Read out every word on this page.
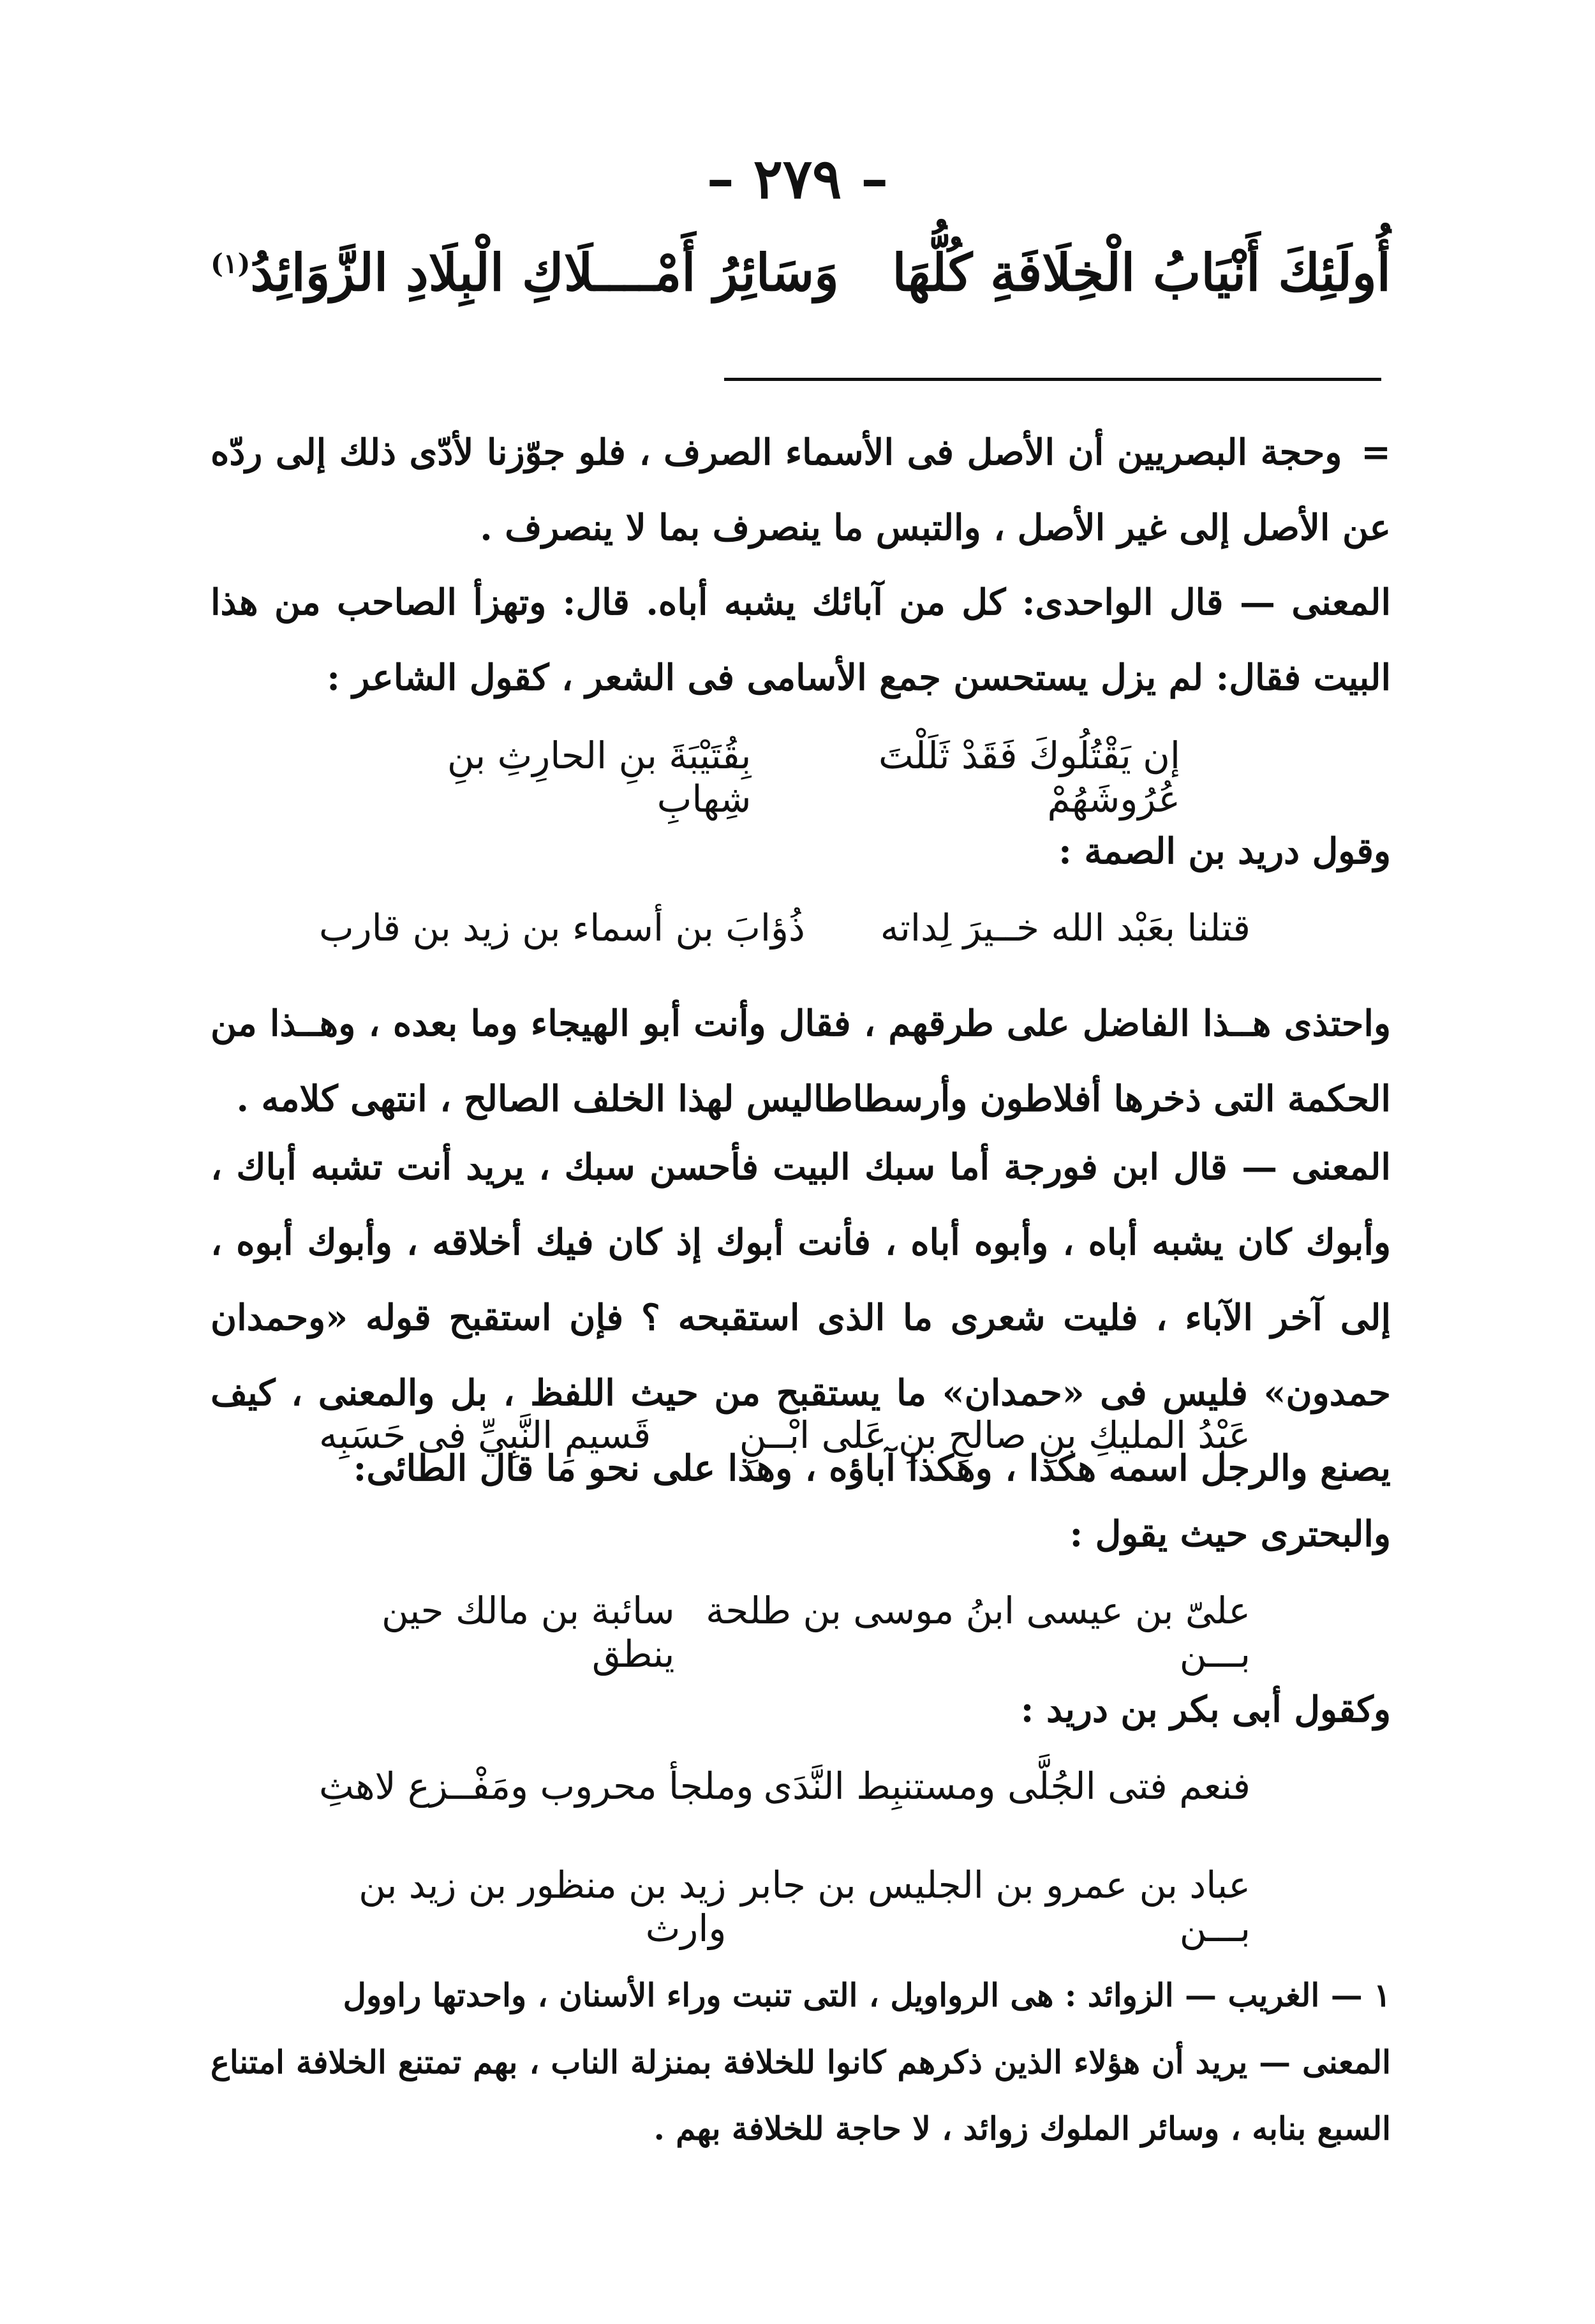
– ٢٧٩ –
أُولَئِكَ أَنْيَابُ الْخِلَافَةِ كُلُّهَا
وَسَائِرُ أَمْــــلَاكِ الْبِلَادِ الزَّوَائِدُ$^{(١)}$
= وحجة البصريين أن الأصل فى الأسماء الصرف ، فلو جوّزنا لأدّى ذلك إلى ردّه عن الأصل إلى غير الأصل ، والتبس ما ينصرف بما لا ينصرف .
المعنى — قال الواحدى: كل من آبائك يشبه أباه. قال: وتهزأ الصاحب من هذا البيت فقال: لم يزل يستحسن جمع الأسامى فى الشعر ، كقول الشاعر :
إن يَقْتُلُوكَ فَقَدْ ثَلَلْتَ عُرُوشَهُمْ
بِقُتَيْبَةَ بنِ الحارِثِ بنِ شِهابِ
وقول دريد بن الصمة :
قتلنا بعَبْد الله خــيرَ لِداته
ذُؤابَ بن أسماء بن زيد بن قارب
واحتذى هــذا الفاضل على طرقهم ، فقال وأنت أبو الهيجاء وما بعده ، وهــذا من الحكمة التى ذخرها أفلاطون وأرسطاطاليس لهذا الخلف الصالح ، انتهى كلامه .
المعنى — قال ابن فورجة أما سبك البيت فأحسن سبك ، يريد أنت تشبه أباك ، وأبوك كان يشبه أباه ، وأبوه أباه ، فأنت أبوك إذ كان فيك أخلاقه ، وأبوك أبوه ، إلى آخر الآباء ، فليت شعرى ما الذى استقبحه ؟ فإن استقبح قوله «وحمدان حمدون» فليس فى «حمدان» ما يستقبح من حيث اللفظ ، بل والمعنى ، كيف يصنع والرجل اسمه هكذا ، وهكذا آباؤه ، وهذا على نحو ما قال الطائى:
عَبْدُ المليكِ بنِ صالحِ بنِ عَلى ابْــنِ
قَسيمِ النَّبِيِّ فى حَسَبِه
والبحترى حيث يقول :
علىّ بن عيسى ابنُ موسى بن طلحة بـــن
سائبة بن مالك حين ينطق
وكقول أبى بكر بن دريد :
فنعم فتى الجُلَّى ومستنبِط النَّدَى
وملجأ محروب ومَفْــزع لاهثِ
عباد بن عمرو بن الجليس بن جابر بـــن
زيد بن منظور بن زيد بن وارث
١ — الغريب — الزوائد : هى الرواويل ، التى تنبت وراء الأسنان ، واحدتها راوول
المعنى — يريد أن هؤلاء الذين ذكرهم كانوا للخلافة بمنزلة الناب ، بهم تمتنع الخلافة امتناع السبع بنابه ، وسائر الملوك زوائد ، لا حاجة للخلافة بهم .
